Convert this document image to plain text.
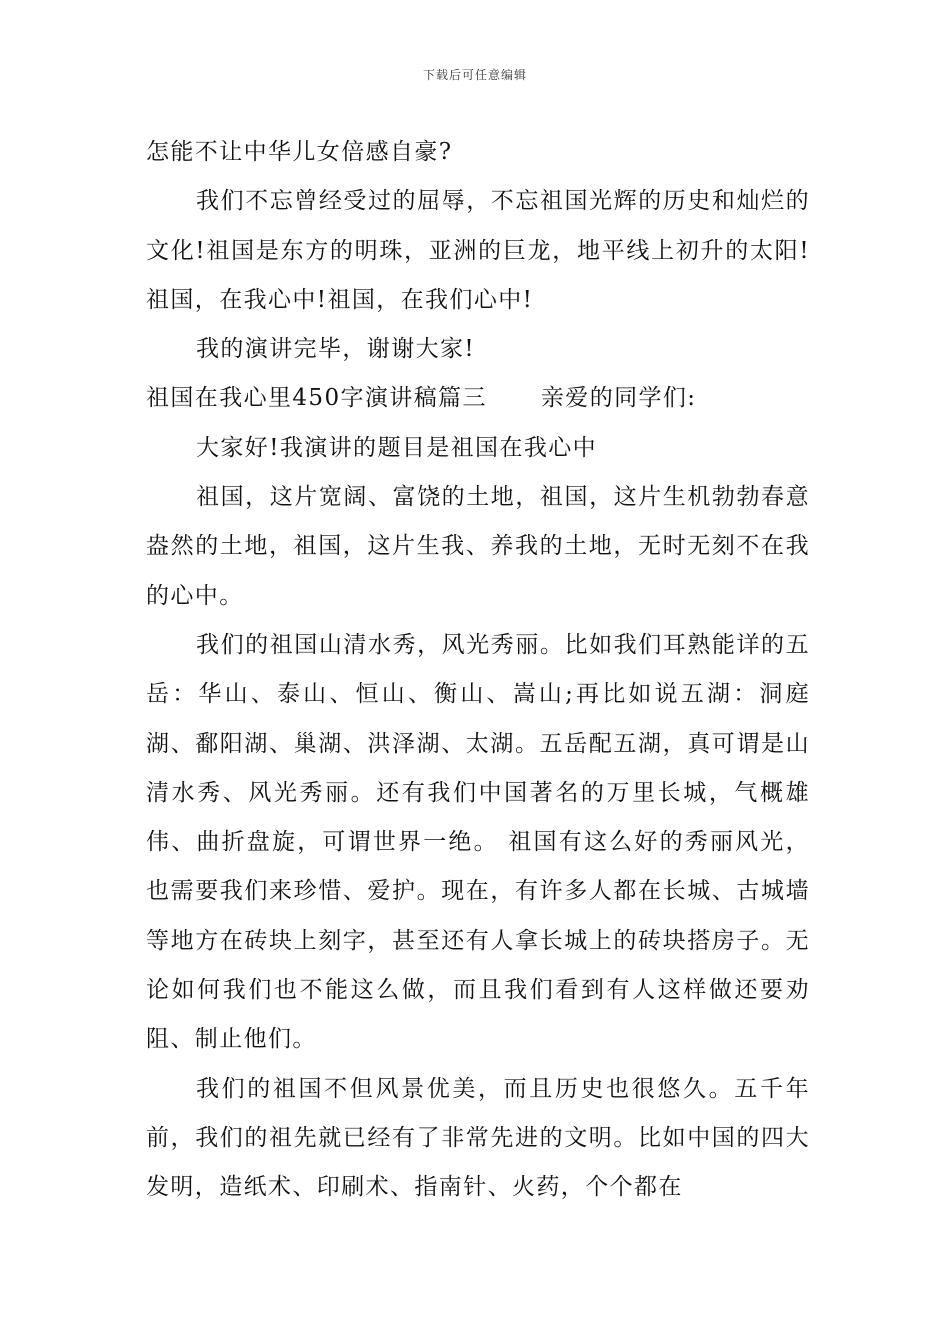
下载后可任意编辑

怎能不让中华儿女倍感自豪?

我们不忘曾经受过的屈辱，不忘祖国光辉的历史和灿烂的文化!祖国是东方的明珠，亚洲的巨龙，地平线上初升的太阳!祖国，在我心中!祖国，在我们心中!

我的演讲完毕，谢谢大家!

祖国在我心里450字演讲稿篇三 亲爱的同学们:

大家好!我演讲的题目是祖国在我心中

祖国，这片宽阔、富饶的土地，祖国，这片生机勃勃春意盎然的土地，祖国，这片生我、养我的土地，无时无刻不在我的心中。

我们的祖国山清水秀，风光秀丽。比如我们耳熟能详的五岳：华山、泰山、恒山、衡山、嵩山;再比如说五湖：洞庭湖、鄱阳湖、巢湖、洪泽湖、太湖。五岳配五湖，真可谓是山清水秀、风光秀丽。还有我们中国著名的万里长城，气概雄伟、曲折盘旋，可谓世界一绝。 祖国有这么好的秀丽风光，也需要我们来珍惜、爱护。现在，有许多人都在长城、古城墙等地方在砖块上刻字，甚至还有人拿长城上的砖块搭房子。无论如何我们也不能这么做，而且我们看到有人这样做还要劝阻、制止他们。

我们的祖国不但风景优美，而且历史也很悠久。五千年前，我们的祖先就已经有了非常先进的文明。比如中国的四大发明，造纸术、印刷术、指南针、火药，个个都在
